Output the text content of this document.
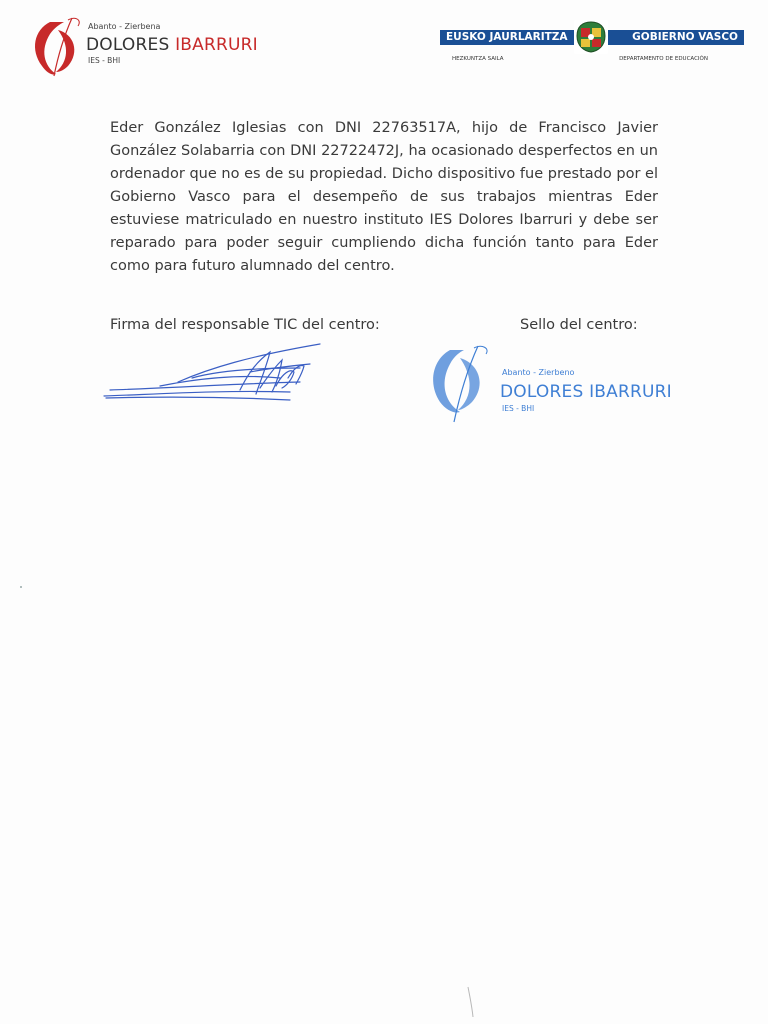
Abanto - Zierbena
DOLORES IBARRURI
IES - BHI
EUSKO JAURLARITZA	GOBIERNO VASCO
HEZKUNTZA SAILA	DEPARTAMENTO DE EDUCACIÓN

Eder González Iglesias con DNI 22763517A, hijo de Francisco Javier González Solabarria con DNI 22722472J, ha ocasionado desperfectos en un ordenador que no es de su propiedad. Dicho dispositivo fue prestado por el Gobierno Vasco para el desempeño de sus trabajos mientras Eder estuviese matriculado en nuestro instituto IES Dolores Ibarruri y debe ser reparado para poder seguir cumpliendo dicha función tanto para Eder como para futuro alumnado del centro.

Firma del responsable TIC del centro:	Sello del centro:
Abanto - Zierbeno
DOLORES IBARRURI
IES - BHI
